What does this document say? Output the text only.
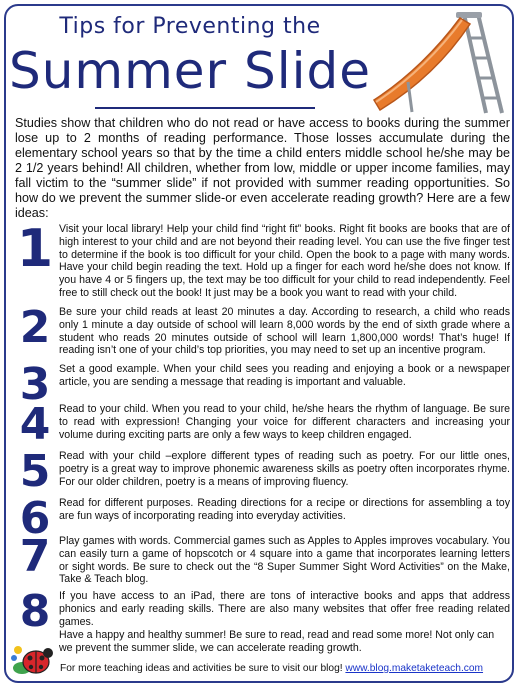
Tips for Preventing the
Summer Slide
Studies show that children who do not read or have access to books during the summer lose up to 2 months of reading performance. Those losses accumulate during the elementary school years so that by the time a child enters middle school he/she may be 2 1/2 years behind! All children, whether from low, middle or upper income families, may fall victim to the “summer slide” if not provided with summer reading opportunities. So how do we prevent the summer slide-or even accelerate reading growth? Here are a few ideas:
1 Visit your local library! Help your child find “right fit” books. Right fit books are books that are of high interest to your child and are not beyond their reading level. You can use the five finger test to determine if the book is too difficult for your child. Open the book to a page with many words. Have your child begin reading the text. Hold up a finger for each word he/she does not know. If you have 4 or 5 fingers up, the text may be too difficult for your child to read independently. Feel free to still check out the book! It just may be a book you want to read with your child.
2 Be sure your child reads at least 20 minutes a day. According to research, a child who reads only 1 minute a day outside of school will learn 8,000 words by the end of sixth grade where a student who reads 20 minutes outside of school will learn 1,800,000 words! That’s huge! If reading isn’t one of your child’s top priorities, you may need to set up an incentive program.
3 Set a good example. When your child sees you reading and enjoying a book or a newspaper article, you are sending a message that reading is important and valuable.
4 Read to your child. When you read to your child, he/she hears the rhythm of language. Be sure to read with expression! Changing your voice for different characters and increasing your volume during exciting parts are only a few ways to keep children engaged.
5 Read with your child –explore different types of reading such as poetry. For our little ones, poetry is a great way to improve phonemic awareness skills as poetry often incorporates rhyme. For our older children, poetry is a means of improving fluency.
6 Read for different purposes. Reading directions for a recipe or directions for assembling a toy are fun ways of incorporating reading into everyday activities.
7 Play games with words. Commercial games such as Apples to Apples improves vocabulary. You can easily turn a game of hopscotch or 4 square into a game that incorporates learning letters or sight words. Be sure to check out the “8 Super Summer Sight Word Activities” on the Make, Take & Teach blog.
8 If you have access to an iPad, there are tons of interactive books and apps that address phonics and early reading skills. There are also many websites that offer free reading related games.
Have a happy and healthy summer! Be sure to read, read and read some more! Not only can we prevent the summer slide, we can accelerate reading growth.
For more teaching ideas and activities be sure to visit our blog! www.blog.maketaketeach.com
